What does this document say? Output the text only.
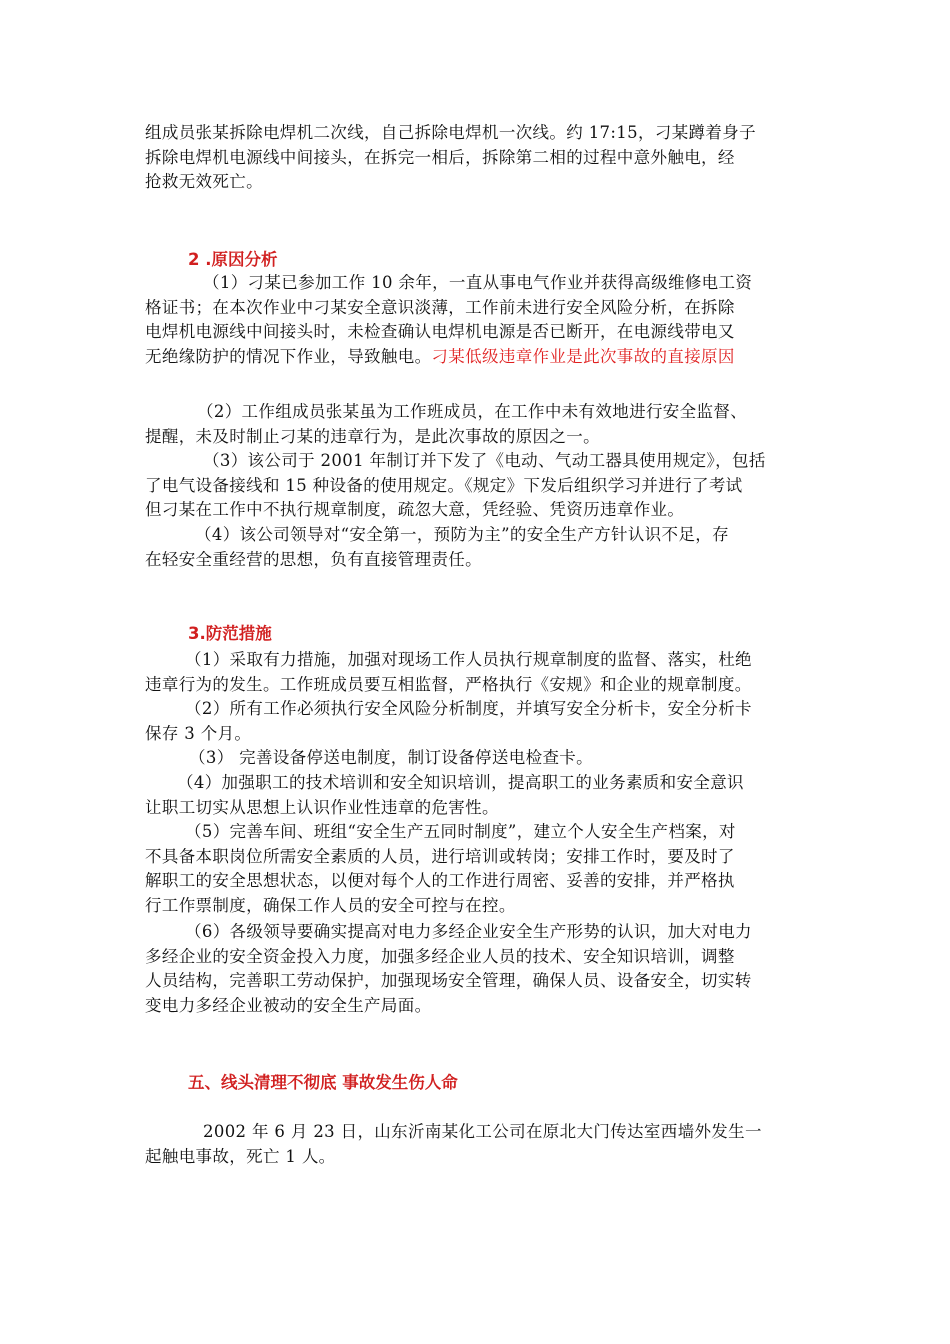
组成员张某拆除电焊机二次线，自己拆除电焊机一次线。约 17:15，刁某蹲着身子
拆除电焊机电源线中间接头，在拆完一相后，拆除第二相的过程中意外触电，经
抢救无效死亡。
2 .原因分析
（1）刁某已参加工作 10 余年，一直从事电气作业并获得高级维修电工资
格证书；在本次作业中刁某安全意识淡薄，工作前未进行安全风险分析，在拆除
电焊机电源线中间接头时，未检查确认电焊机电源是否已断开，在电源线带电又
无绝缘防护的情况下作业，导致触电。刁某低级违章作业是此次事故的直接原因
（2）工作组成员张某虽为工作班成员，在工作中未有效地进行安全监督、
提醒，未及时制止刁某的违章行为，是此次事故的原因之一。
（3）该公司于 2001 年制订并下发了《电动、气动工器具使用规定》，包括
了电气设备接线和 15 种设备的使用规定。《规定》下发后组织学习并进行了考试
但刁某在工作中不执行规章制度，疏忽大意，凭经验、凭资历违章作业。
（4）该公司领导对“安全第一，预防为主”的安全生产方针认识不足，存
在轻安全重经营的思想，负有直接管理责任。
3.防范措施
（1）采取有力措施，加强对现场工作人员执行规章制度的监督、落实，杜绝
违章行为的发生。工作班成员要互相监督，严格执行《安规》和企业的规章制度。
（2）所有工作必须执行安全风险分析制度，并填写安全分析卡，安全分析卡
保存 3 个月。
（3） 完善设备停送电制度，制订设备停送电检查卡。
（4）加强职工的技术培训和安全知识培训，提高职工的业务素质和安全意识
让职工切实从思想上认识作业性违章的危害性。
（5）完善车间、班组“安全生产五同时制度”，建立个人安全生产档案，对
不具备本职岗位所需安全素质的人员，进行培训或转岗；安排工作时，要及时了
解职工的安全思想状态，以便对每个人的工作进行周密、妥善的安排，并严格执
行工作票制度，确保工作人员的安全可控与在控。
（6）各级领导要确实提高对电力多经企业安全生产形势的认识，加大对电力
多经企业的安全资金投入力度，加强多经企业人员的技术、安全知识培训，调整
人员结构，完善职工劳动保护，加强现场安全管理，确保人员、设备安全，切实转
变电力多经企业被动的安全生产局面。
五、线头清理不彻底 事故发生伤人命
2002 年 6 月 23 日，山东沂南某化工公司在原北大门传达室西墙外发生一
起触电事故，死亡 1 人。
